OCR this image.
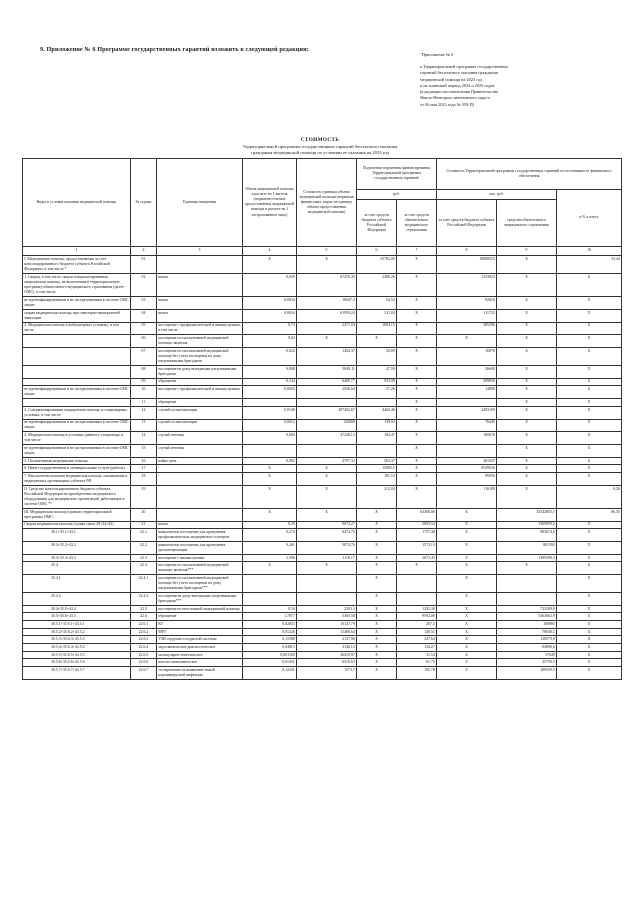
9. Приложение № 6 Программе государственных гарантий изложить в следующей редакции:
"Приложение № 6
к Территориальной программе государственных
гарантий бесплатного оказания гражданам
медицинской помощи на 2023 год
и на плановый период 2024 и 2025 годов
(в редакции постановления Правительства
Ямало-Ненецкого автономного округа
от 06 мая 2023 года № 359-П)
СТОИМОСТЬ
Территориальной программы государственных гарантий бесплатного оказания
гражданам медицинской помощи по условиям ее оказания на 2023 год
Виды и условия оказания медицинской помощи	№ строки	Единица измерения	Объем медицинской помощи в расчете на 1 жителя (норматив объемов предоставления медицинской помощи в расчете на 1 застрахованное лицо)	Стоимость единицы объема медицинской помощи (норматив финансовых затрат на единицу объема предоставления медицинской помощи)	Подушевые нормативы финансирования Территориальной программы государственных гарантий		Стоимость Территориальной программы государственных гарантий по источникам ее финансового обеспечения		
					руб.		тыс. руб.		в % к итогу
					за счет средств бюджета субъекта Российской Федерации	за счет средств обязательного медицинского страхования	за счет средств бюджета субъекта Российской Федерации	средства обязательного медицинского страхования	
1	2	3	4	5	6	7	8	9	10
I. Медицинская помощь, предоставляемая за счет консолидированного бюджета субъекта Российской Федерации, в том числе *	01		X	X	35782,85	X	18088553	X	33,44
1. Скорая, в том числе скорая специализированная медицинская помощь, не включенная в территориальную программу обязательного медицинского страхования (далее - ОМС), в том числе	02	вызов	0,039	67476,45	2480,26	X	1253824	X	X
не идентифицированным и не застрахованным в системе ОМС лицам	03	вызов	0,0034	16047,3	54,52	X	92616	X	X
скорая медицинская помощь при санитарно-авиационной эвакуации	04	вызов	0,0034	61959,24	211,84	X	111725	X	X
2. Медицинская помощь в амбулаторных условиях, в том числе	05	посещение с профилактической и иными целями, в том числе	0,73	2471,04	1804,15	X	385396	X	X
	06	посещение по паллиативной медицинской помощи, включая	0,02	X	X	X	X	X	X
	07	посещение по паллиативной медицинской помощи без учета посещения на дому патронажными бригадами	0,022	1404,37	30,89	X	16876	X	X
	08	посещение на дому выездными патронажными бригадами	0,008	5949,11	47,59	X	26609	X	X
	09	обращение	0,144	6480,77	933,99	X	509850	X	X
не идентифицированным и не застрахованным в системе ОМС лицам	10	посещение с профилактической и иными целями	0,0003	2936,04	27,26	X	14890	X	X
	11	обращение				X		X	X
3. Специализированная медицинская помощь в стационарных условиях, в том числе	12	случай госпитализации	0,0149	297202,67	4463,46	X	2493109	X	X
не идентифицированным и не застрахованным в системе ОМС лицам	13	случай госпитализации	0,0012	120000	139,92	X	76440	X	X
4. Медицинская помощь в условиях дневного стационара, в том числе	14	случай лечения	0,004	47246,13	184,47	X	100676	X	X
не идентифицированным и не застрахованным в системе ОМС лицам	15	случай лечения				X		X	X
5. Паллиативная медицинская помощь	16	койко-день	0,092	4797,32	563,37	X	361637	X	X
6. Иные государственные и муниципальные услуги (работы)	17	-	X	X	15985,5	X	8559036	X	X
7. Высокотехнологичная медицинская помощь, оказываемая в медицинских организациях субъекта РФ	18	-	X	X	181,53	X	99056	X	X
II. Средства консолидированного бюджета субъекта Российской Федерации на приобретение медицинского оборудования для медицинских организаций, работающих в системе ОМС **	19		X	X	212,84	X	116189	X	0,20
III. Медицинская помощь в рамках территориальной программы ОМС:	20		X	X	X	63468,06	X	35542855,1	66,35
Скорая медицинская помощь (сумма строк 29+34+43)	21	вызов	0,29	9674,27	X	2803,54	X	1569959,2	X
30.1+35.1+43.1	22.1	комплексное посещение для проведения профилактических медицинских осмотров	0,274	6474,75	X	1757,48	X	983674,6	X
30.2+35.2+43.2	22.2	комплексное посещение для проведения диспансеризации	0,261	5874,76	X	1573,13	X	881393	X
30.3+35.3+43.3	22.3	посещение с иными целями	2,596	1118,17	X	2673,45	X	1499399,3	X
35.4	22.4	посещение по паллиативной медицинской помощи, включая***	X	X	X	X	X	X	X
35.4.1	22.4.1	посещение по паллиативной медицинской помощи без учета посещения на дому патронажными бригадами***			X		X		X
35.4.2	22.4.2	посещения на дому выездными патронажными бригадами***			X		X		X
30.4+35.5+43.4	22.5	посещение по неотложной медицинской помощи	0,54	2393,3	X	1292,38	X	723209,8	X
30.5+35.6+43.5	22.6	обращение	1,7877	5365,58	X	9592,06	X	5363662,9	X
30.5.1+35.6.1+43.5.1	22.6.1	КТ	0,02833	10147,79	X	287,5	X	160883	X
30.5.2+35.6.2+43.5.2	22.6.2	МРТ	0,01226	11480,64	X	140,51	X	78630,1	X
30.5.3+35.6.3+43.5.3	22.6.3	УЗИ сердечно-сосудистой системы	0,11588	2137,96	X	247,64	X	138579,8	X
30.5.4+35.6.4+43.5.4	22.6.4	эндоскопическое диагностическое	0,04813	3146,13	X	134,27	X	84696,6	X
30.5.5+35.6.5+43.5.5	22.6.5	молекулярно-генетическое	0,001165	26419,97	X	31,54	X	17649	X
30.5.6+35.6.6+43.5.6	22.6.6	патологоанатомическое	0,01431	6510,63	X	81,75	X	45756,5	X
30.5.7+35.6.7+43.5.7	22.6.7	тестирование на выявление новой коронавирусной инфекции	0,12441	1573,7	X	195,78	X	109559,5	X
